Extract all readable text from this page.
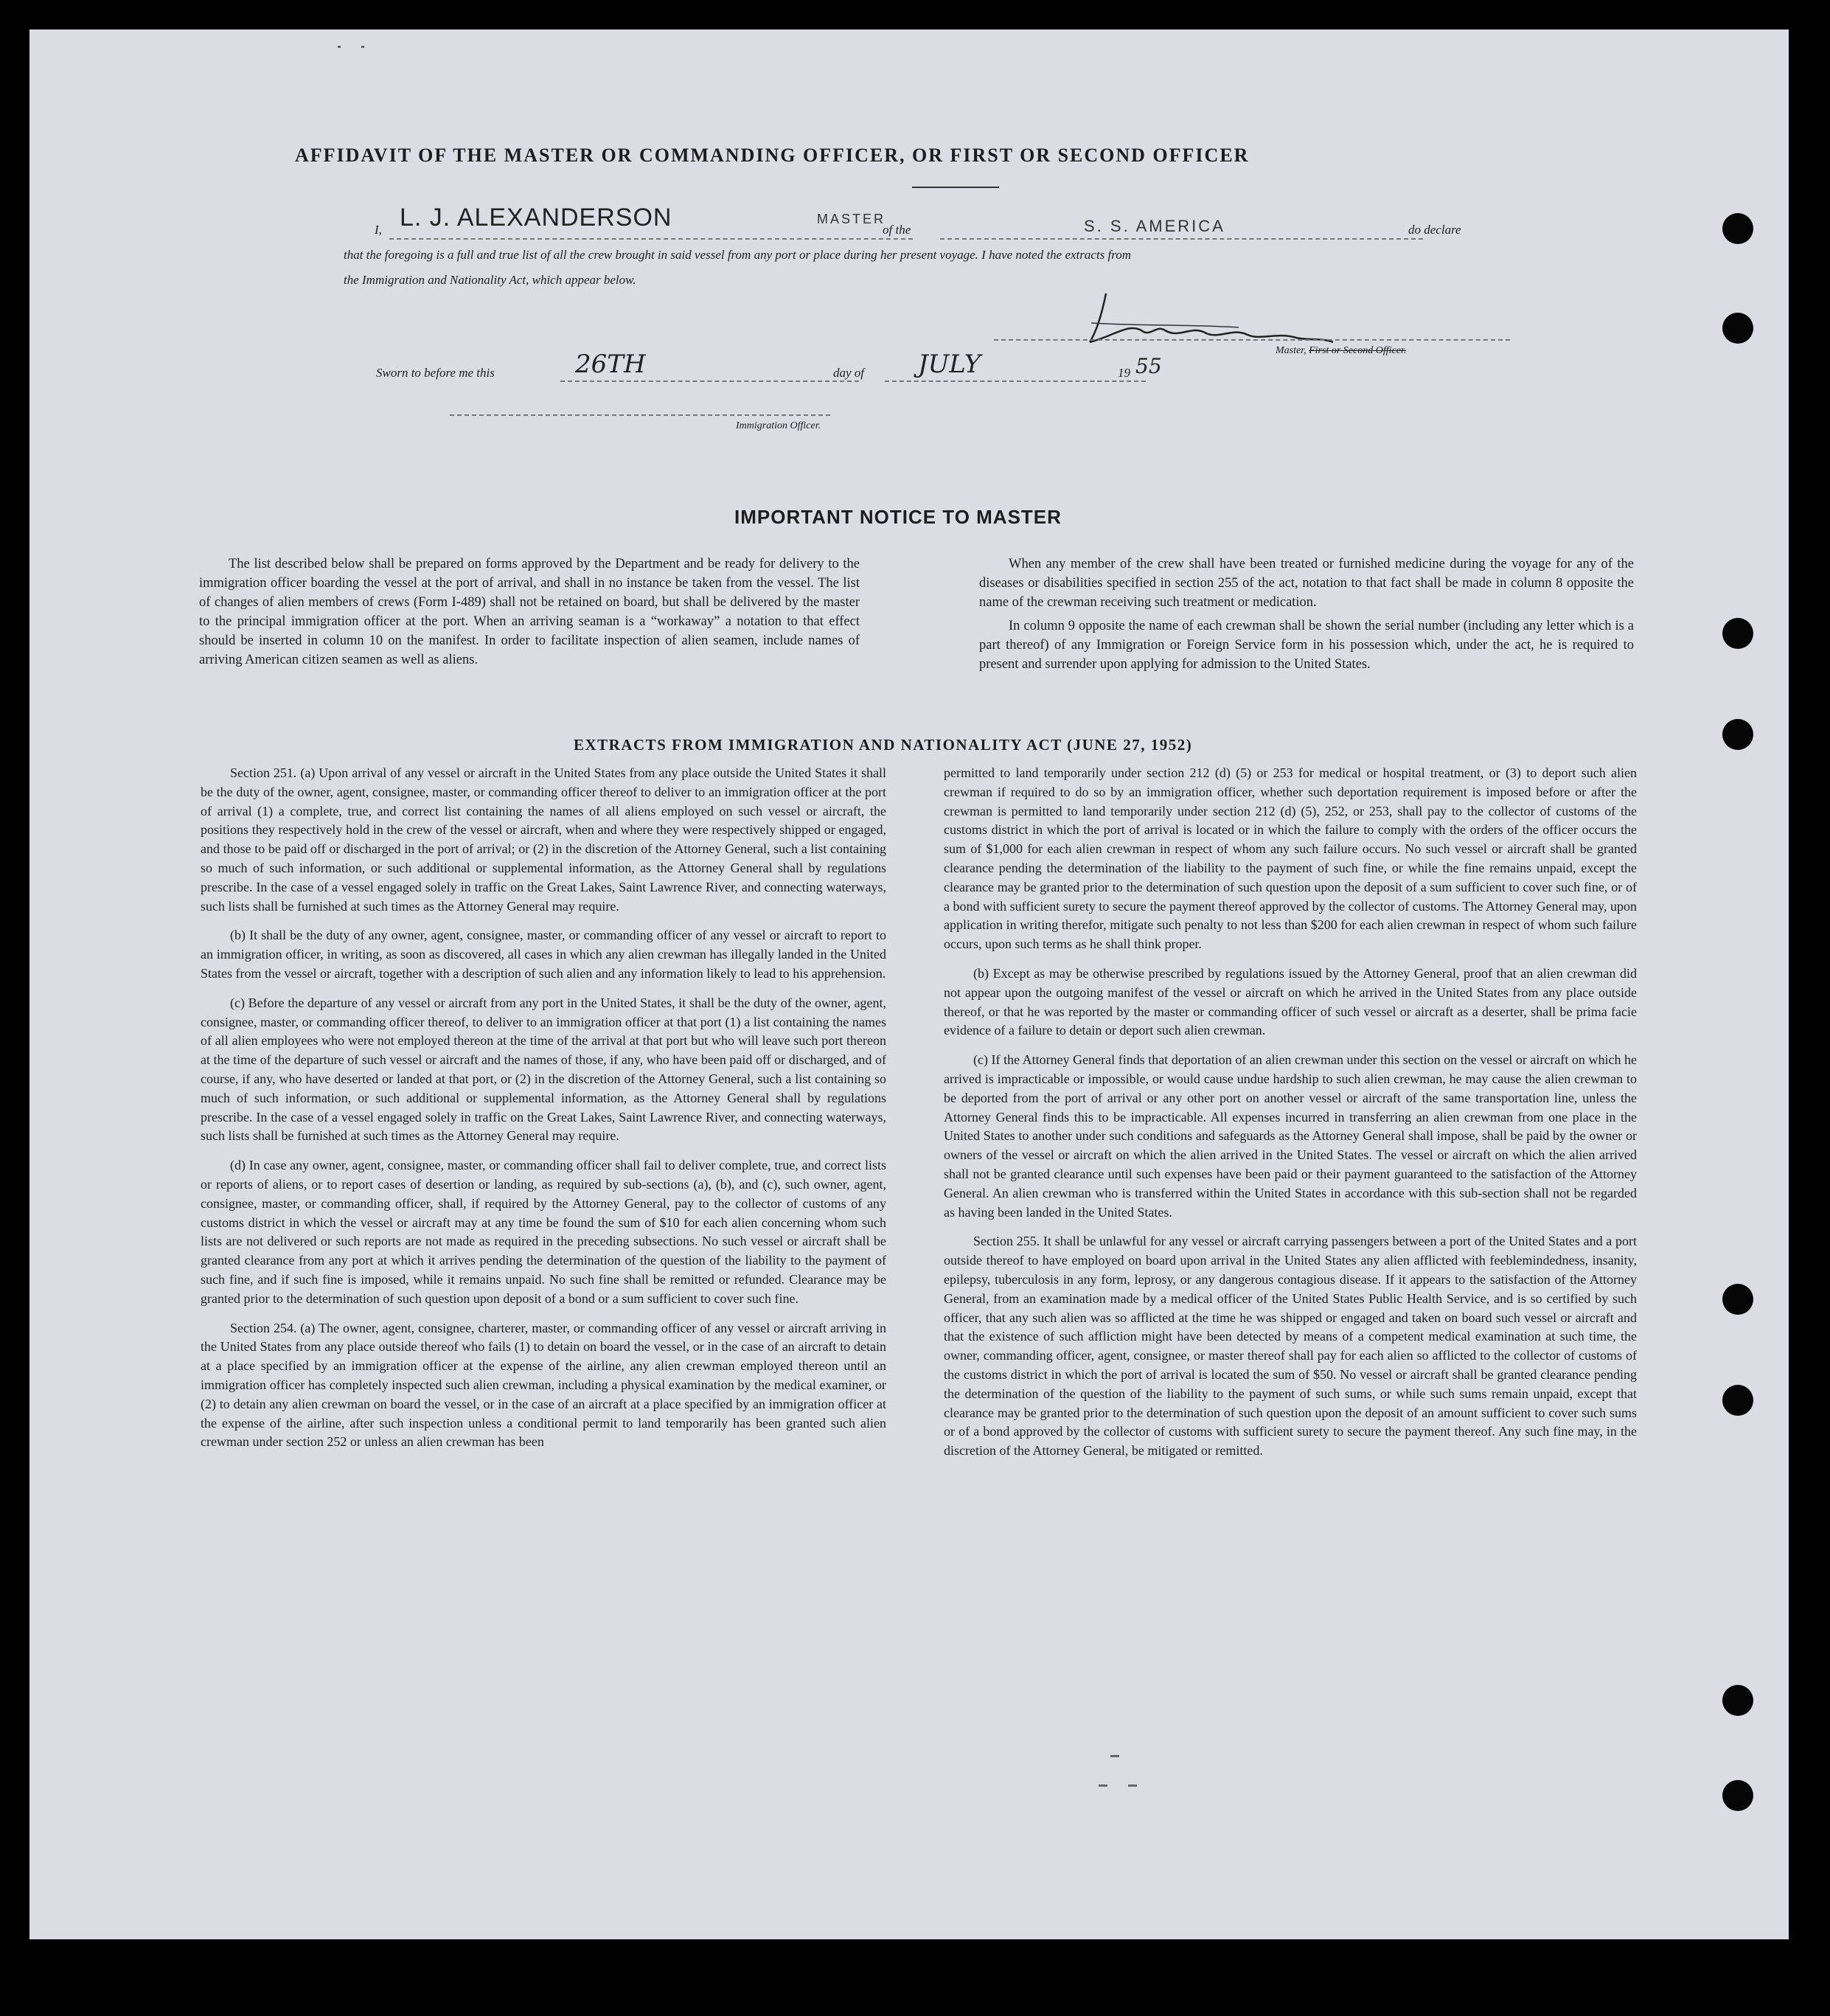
AFFIDAVIT OF THE MASTER OR COMMANDING OFFICER, OR FIRST OR SECOND OFFICER
I, L. J. ALEXANDERSON	MASTER
of the	S. S. AMERICA	do declare
that the foregoing is a full and true list of all the crew brought in said vessel from any port or place during her present voyage. I have noted the extracts from
the Immigration and Nationality Act, which appear below.
Master, First or Second Officer.
Sworn to before me this	26TH	day of JULY	19 55
Immigration Officer.
IMPORTANT NOTICE TO MASTER

The list described below shall be prepared on forms approved by the Department and be ready for delivery to the immigration officer boarding the vessel at the port of arrival, and shall in no instance be taken from the vessel. The list of changes of alien members of crews (Form I-489) shall not be retained on board, but shall be delivered by the master to the principal immigration officer at the port. When an arriving seaman is a “workaway” a notation to that effect should be inserted in column 10 on the manifest. In order to facilitate inspection of alien seamen, include names of arriving American citizen seamen as well as aliens.

When any member of the crew shall have been treated or furnished medicine during the voyage for any of the diseases or disabilities specified in section 255 of the act, notation to that fact shall be made in column 8 opposite the name of the crewman receiving such treatment or medication.

In column 9 opposite the name of each crewman shall be shown the serial number (including any letter which is a part thereof) of any Immigration or Foreign Service form in his possession which, under the act, he is required to present and surrender upon applying for admission to the United States.

EXTRACTS FROM IMMIGRATION AND NATIONALITY ACT (JUNE 27, 1952)

Section 251. (a) Upon arrival of any vessel or aircraft in the United States from any place outside the United States it shall be the duty of the owner, agent, consignee, master, or commanding officer thereof to deliver to an immigration officer at the port of arrival (1) a complete, true, and correct list containing the names of all aliens employed on such vessel or aircraft, the positions they respectively hold in the crew of the vessel or aircraft, when and where they were respectively shipped or engaged, and those to be paid off or discharged in the port of arrival; or (2) in the discretion of the Attorney General, such a list containing so much of such information, or such additional or supplemental information, as the Attorney General shall by regulations prescribe. In the case of a vessel engaged solely in traffic on the Great Lakes, Saint Lawrence River, and connecting waterways, such lists shall be furnished at such times as the Attorney General may require.

(b) It shall be the duty of any owner, agent, consignee, master, or commanding officer of any vessel or aircraft to report to an immigration officer, in writing, as soon as discovered, all cases in which any alien crewman has illegally landed in the United States from the vessel or aircraft, together with a description of such alien and any information likely to lead to his apprehension.

(c) Before the departure of any vessel or aircraft from any port in the United States, it shall be the duty of the owner, agent, consignee, master, or commanding officer thereof, to deliver to an immigration officer at that port (1) a list containing the names of all alien employees who were not employed thereon at the time of the arrival at that port but who will leave such port thereon at the time of the departure of such vessel or aircraft and the names of those, if any, who have been paid off or discharged, and of course, if any, who have deserted or landed at that port, or (2) in the discretion of the Attorney General, such a list containing so much of such information, or such additional or supplemental information, as the Attorney General shall by regulations prescribe. In the case of a vessel engaged solely in traffic on the Great Lakes, Saint Lawrence River, and connecting waterways, such lists shall be furnished at such times as the Attorney General may require.

(d) In case any owner, agent, consignee, master, or commanding officer shall fail to deliver complete, true, and correct lists or reports of aliens, or to report cases of desertion or landing, as required by sub-sections (a), (b), and (c), such owner, agent, consignee, master, or commanding officer, shall, if required by the Attorney General, pay to the collector of customs of any customs district in which the vessel or aircraft may at any time be found the sum of $10 for each alien concerning whom such lists are not delivered or such reports are not made as required in the preceding subsections. No such vessel or aircraft shall be granted clearance from any port at which it arrives pending the determination of the question of the liability to the payment of such fine, and if such fine is imposed, while it remains unpaid. No such fine shall be remitted or refunded. Clearance may be granted prior to the determination of such question upon deposit of a bond or a sum sufficient to cover such fine.

Section 254. (a) The owner, agent, consignee, charterer, master, or commanding officer of any vessel or aircraft arriving in the United States from any place outside thereof who fails (1) to detain on board the vessel, or in the case of an aircraft to detain at a place specified by an immigration officer at the expense of the airline, any alien crewman employed thereon until an immigration officer has completely inspected such alien crewman, including a physical examination by the medical examiner, or (2) to detain any alien crewman on board the vessel, or in the case of an aircraft at a place specified by an immigration officer at the expense of the airline, after such inspection unless a conditional permit to land temporarily has been granted such alien crewman under section 252 or unless an alien crewman has been

permitted to land temporarily under section 212 (d) (5) or 253 for medical or hospital treatment, or (3) to deport such alien crewman if required to do so by an immigration officer, whether such deportation requirement is imposed before or after the crewman is permitted to land temporarily under section 212 (d) (5), 252, or 253, shall pay to the collector of customs of the customs district in which the port of arrival is located or in which the failure to comply with the orders of the officer occurs the sum of $1,000 for each alien crewman in respect of whom any such failure occurs. No such vessel or aircraft shall be granted clearance pending the determination of the liability to the payment of such fine, or while the fine remains unpaid, except the clearance may be granted prior to the determination of such question upon the deposit of a sum sufficient to cover such fine, or of a bond with sufficient surety to secure the payment thereof approved by the collector of customs. The Attorney General may, upon application in writing therefor, mitigate such penalty to not less than $200 for each alien crewman in respect of whom such failure occurs, upon such terms as he shall think proper.

(b) Except as may be otherwise prescribed by regulations issued by the Attorney General, proof that an alien crewman did not appear upon the outgoing manifest of the vessel or aircraft on which he arrived in the United States from any place outside thereof, or that he was reported by the master or commanding officer of such vessel or aircraft as a deserter, shall be prima facie evidence of a failure to detain or deport such alien crewman.

(c) If the Attorney General finds that deportation of an alien crewman under this section on the vessel or aircraft on which he arrived is impracticable or impossible, or would cause undue hardship to such alien crewman, he may cause the alien crewman to be deported from the port of arrival or any other port on another vessel or aircraft of the same transportation line, unless the Attorney General finds this to be impracticable. All expenses incurred in transferring an alien crewman from one place in the United States to another under such conditions and safeguards as the Attorney General shall impose, shall be paid by the owner or owners of the vessel or aircraft on which the alien arrived in the United States. The vessel or aircraft on which the alien arrived shall not be granted clearance until such expenses have been paid or their payment guaranteed to the satisfaction of the Attorney General. An alien crewman who is transferred within the United States in accordance with this sub-section shall not be regarded as having been landed in the United States.

Section 255. It shall be unlawful for any vessel or aircraft carrying passengers between a port of the United States and a port outside thereof to have employed on board upon arrival in the United States any alien afflicted with feeblemindedness, insanity, epilepsy, tuberculosis in any form, leprosy, or any dangerous contagious disease. If it appears to the satisfaction of the Attorney General, from an examination made by a medical officer of the United States Public Health Service, and is so certified by such officer, that any such alien was so afflicted at the time he was shipped or engaged and taken on board such vessel or aircraft and that the existence of such affliction might have been detected by means of a competent medical examination at such time, the owner, commanding officer, agent, consignee, or master thereof shall pay for each alien so afflicted to the collector of customs of the customs district in which the port of arrival is located the sum of $50. No vessel or aircraft shall be granted clearance pending the determination of the question of the liability to the payment of such sums, or while such sums remain unpaid, except that clearance may be granted prior to the determination of such question upon the deposit of an amount sufficient to cover such sums or of a bond approved by the collector of customs with sufficient surety to secure the payment thereof. Any such fine may, in the discretion of the Attorney General, be mitigated or remitted.
